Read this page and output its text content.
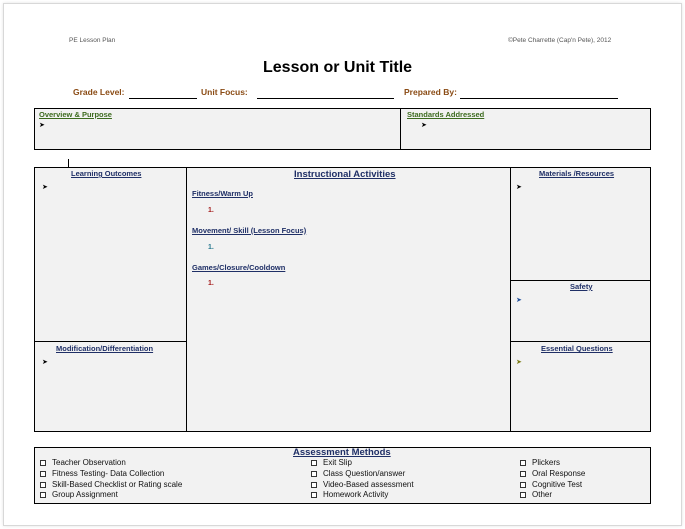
PE Lesson Plan	©Pete Charrette (Cap'n Pete), 2012
Lesson or Unit Title
Grade Level:	Unit Focus:	Prepared By:
Overview & Purpose
➤
Standards Addressed
➤
Learning Outcomes
➤
Modification/Differentiation
➤
Instructional Activities
Fitness/Warm Up
1.
Movement/ Skill (Lesson Focus)
1.
Games/Closure/Cooldown
1.
Materials /Resources
➤
Safety
➤
Essential Questions
➤
Assessment Methods
Teacher Observation
Fitness Testing- Data Collection
Skill-Based Checklist or Rating scale
Group Assignment
Exit Slip
Class Question/answer
Video-Based assessment
Homework Activity
Plickers
Oral Response
Cognitive Test
Other
